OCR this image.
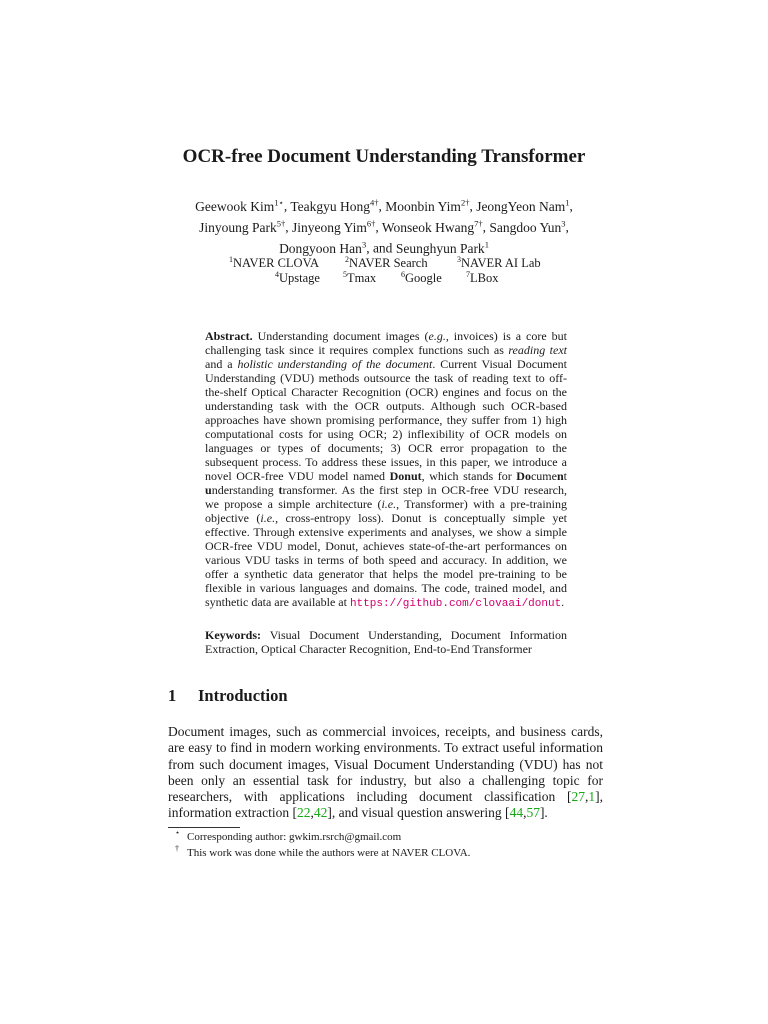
OCR-free Document Understanding Transformer
Geewook Kim$^{1⋆}$, Teakgyu Hong$^{4\dagger}$, Moonbin Yim$^{2\dagger}$, JeongYeon Nam$^1$,
Jinyoung Park$^{5\dagger}$, Jinyeong Yim$^{6\dagger}$, Wonseok Hwang$^{7\dagger}$, Sangdoo Yun$^3$,
Dongyoon Han$^3$, and Seunghyun Park$^1$
$^1$NAVER CLOVA	$^2$NAVER Search	$^3$NAVER AI Lab
$^4$Upstage	$^5$Tmax	$^6$Google	$^7$LBox
Abstract. Understanding document images (e.g., invoices) is a core but challenging task since it requires complex functions such as reading text and a holistic understanding of the document. Current Visual Document Understanding (VDU) methods outsource the task of reading text to off-the-shelf Optical Character Recognition (OCR) engines and focus on the understanding task with the OCR outputs. Although such OCR-based approaches have shown promising performance, they suffer from 1) high computational costs for using OCR; 2) inflexibility of OCR models on languages or types of documents; 3) OCR error propagation to the subsequent process. To address these issues, in this paper, we introduce a novel OCR-free VDU model named Donut, which stands for Document understanding transformer. As the first step in OCR-free VDU research, we propose a simple architecture (i.e., Transformer) with a pre-training objective (i.e., cross-entropy loss). Donut is conceptually simple yet effective. Through extensive experiments and analyses, we show a simple OCR-free VDU model, Donut, achieves state-of-the-art performances on various VDU tasks in terms of both speed and accuracy. In addition, we offer a synthetic data generator that helps the model pre-training to be flexible in various languages and domains. The code, trained model, and synthetic data are available at https://github.com/clovaai/donut.
Keywords: Visual Document Understanding, Document Information Extraction, Optical Character Recognition, End-to-End Transformer
1 Introduction
Document images, such as commercial invoices, receipts, and business cards, are easy to find in modern working environments. To extract useful information from such document images, Visual Document Understanding (VDU) has not been only an essential task for industry, but also a challenging topic for researchers, with applications including document classification [27,1], information extraction [22,42], and visual question answering [44,57].
⋆ Corresponding author: gwkim.rsrch@gmail.com
† This work was done while the authors were at NAVER CLOVA.
